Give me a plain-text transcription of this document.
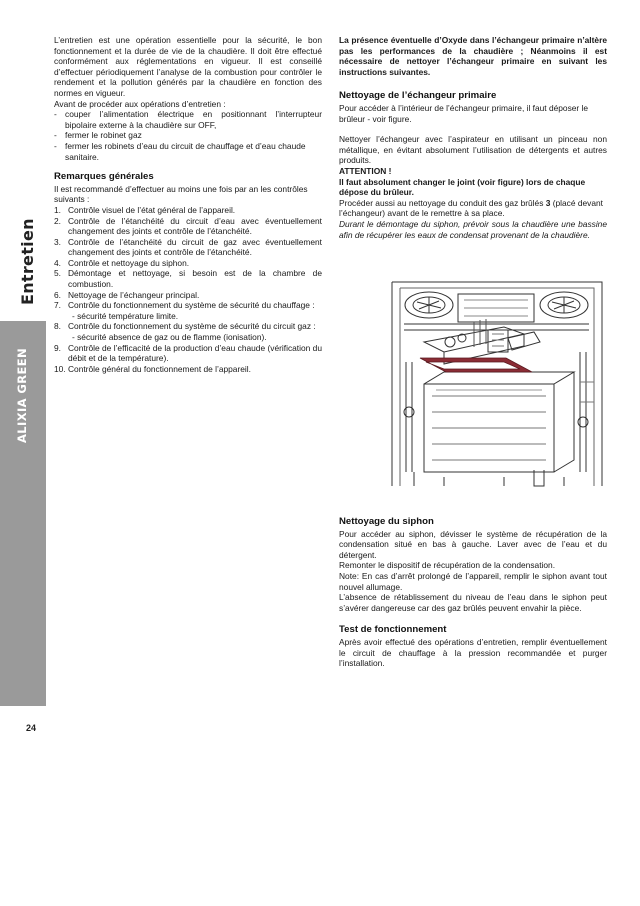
Entretien
ALIXIA GREEN
24

L’entretien est une opération essentielle pour la sécurité, le bon fonctionnement et la durée de vie de la chaudière. Il doit être effectué conformément aux réglementations en vigueur. Il est conseillé d’effectuer périodiquement l’analyse de la combustion pour contrôler le rendement et la pollution générés par la chaudière en fonction des normes en vigueur.

Avant de procéder aux opérations d’entretien :

- couper l’alimentation électrique en positionnant l’interrupteur bipolaire externe à la chaudière sur OFF,
- fermer le robinet gaz
- fermer les robinets d’eau du circuit de chauffage et d’eau chaude sanitaire.

Remarques générales

Il est recommandé d’effectuer au moins une fois par an les contrôles suivants :

1. Contrôle visuel de l’état général de l’appareil.
2. Contrôle de l’étanchéité du circuit d’eau avec éventuellement changement des joints et contrôle de l’étanchéité.
3. Contrôle de l’étanchéité du circuit de gaz avec éventuellement changement des joints et contrôle de l’étanchéité.
4. Contrôle et nettoyage du siphon.
5. Démontage et nettoyage, si besoin est de la chambre de combustion.
6. Nettoyage de l’échangeur principal.
7. Contrôle du fonctionnement du système de sécurité du chauffage :
- sécurité température limite.
8. Contrôle du fonctionnement du système de sécurité du circuit gaz :
- sécurité absence de gaz ou de flamme (ionisation).
9. Contrôle de l’efficacité de la production d’eau chaude (vérification du débit et de la température).
10. Contrôle général du fonctionnement de l’appareil.

La présence éventuelle d’Oxyde dans l’échangeur primaire n’altère pas les performances de la chaudière ; Néanmoins il est nécessaire de nettoyer l’échangeur primaire en suivant les instructions suivantes.

Nettoyage de l’échangeur primaire

Pour accéder à l’intérieur de l’échangeur primaire, il faut déposer le brûleur - voir figure.

Nettoyer l’échangeur avec l’aspirateur en utilisant un pinceau non métallique, en évitant absolument l’utilisation de détergents et autres produits.

ATTENTION !

Il faut absolument changer le joint (voir figure) lors de chaque dépose du brûleur.

Procéder aussi au nettoyage du conduit des gaz brûlés 3 (placé devant l’échangeur) avant de le remettre à sa place.

Durant le démontage du siphon, prévoir sous la chaudière une bassine afin de récupérer les eaux de condensat provenant de la chaudière.

Nettoyage du siphon

Pour accéder au siphon, dévisser le système de récupération de la condensation situé en bas à gauche. Laver avec de l’eau et du détergent.

Remonter le dispositif de récupération de la condensation.

Note: En cas d’arrêt prolongé de l’appareil, remplir le siphon avant tout nouvel allumage.

L’absence de rétablissement du niveau de l’eau dans le siphon peut s’avérer dangereuse car des gaz brûlés peuvent envahir la pièce.

Test de fonctionnement

Après avoir effectué des opérations d’entretien, remplir éventuellement le circuit de chauffage à la pression recommandée et purger l’installation.
